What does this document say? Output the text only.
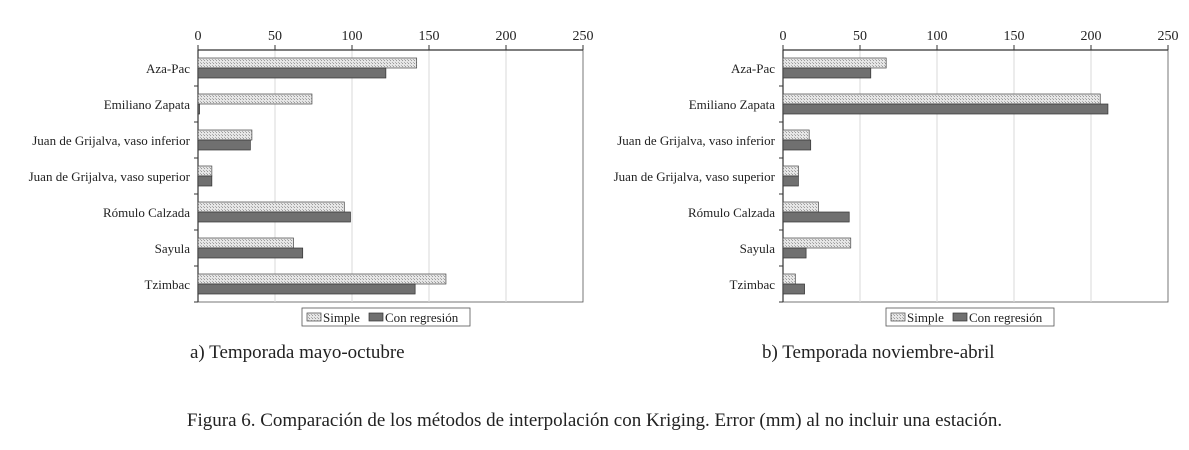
0	50	100	150	200	250
Aza-Pac
Emiliano Zapata
Juan de Grijalva, vaso inferior
Juan de Grijalva, vaso superior
Rómulo Calzada
Sayula
Tzimbac
Simple Con regresión
0	50	100	150	200	250
Aza-Pac
Emiliano Zapata
Juan de Grijalva, vaso inferior
Juan de Grijalva, vaso superior
Rómulo Calzada
Sayula
Tzimbac
Simple Con regresión
a) Temporada mayo-octubre	b) Temporada noviembre-abril
Figura 6. Comparación de los métodos de interpolación con Kriging. Error (mm) al no incluir una estación.
